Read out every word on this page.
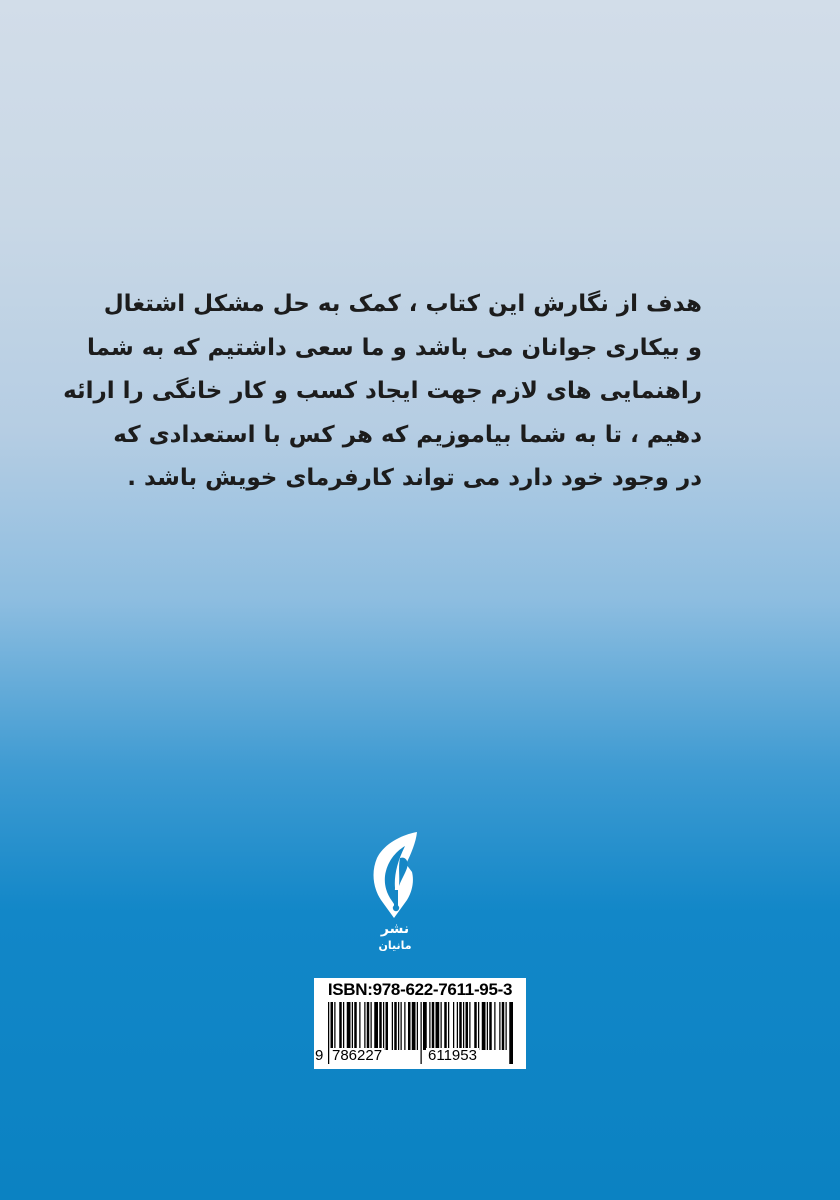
هدف از نگارش این کتاب ، کمک به حل مشکل اشتغال
و بیکاری جوانان می باشد و ما سعی داشتیم که به شما
راهنمایی های لازم جهت ایجاد کسب و کار خانگی را ارائه
دهیم ، تا به شما بیاموزیم که هر کس با استعدادی که
در وجود خود دارد می تواند کارفرمای خویش باشد .
نشر
مانیان
ISBN:978-622-7611-95-3
9 786227	611953
